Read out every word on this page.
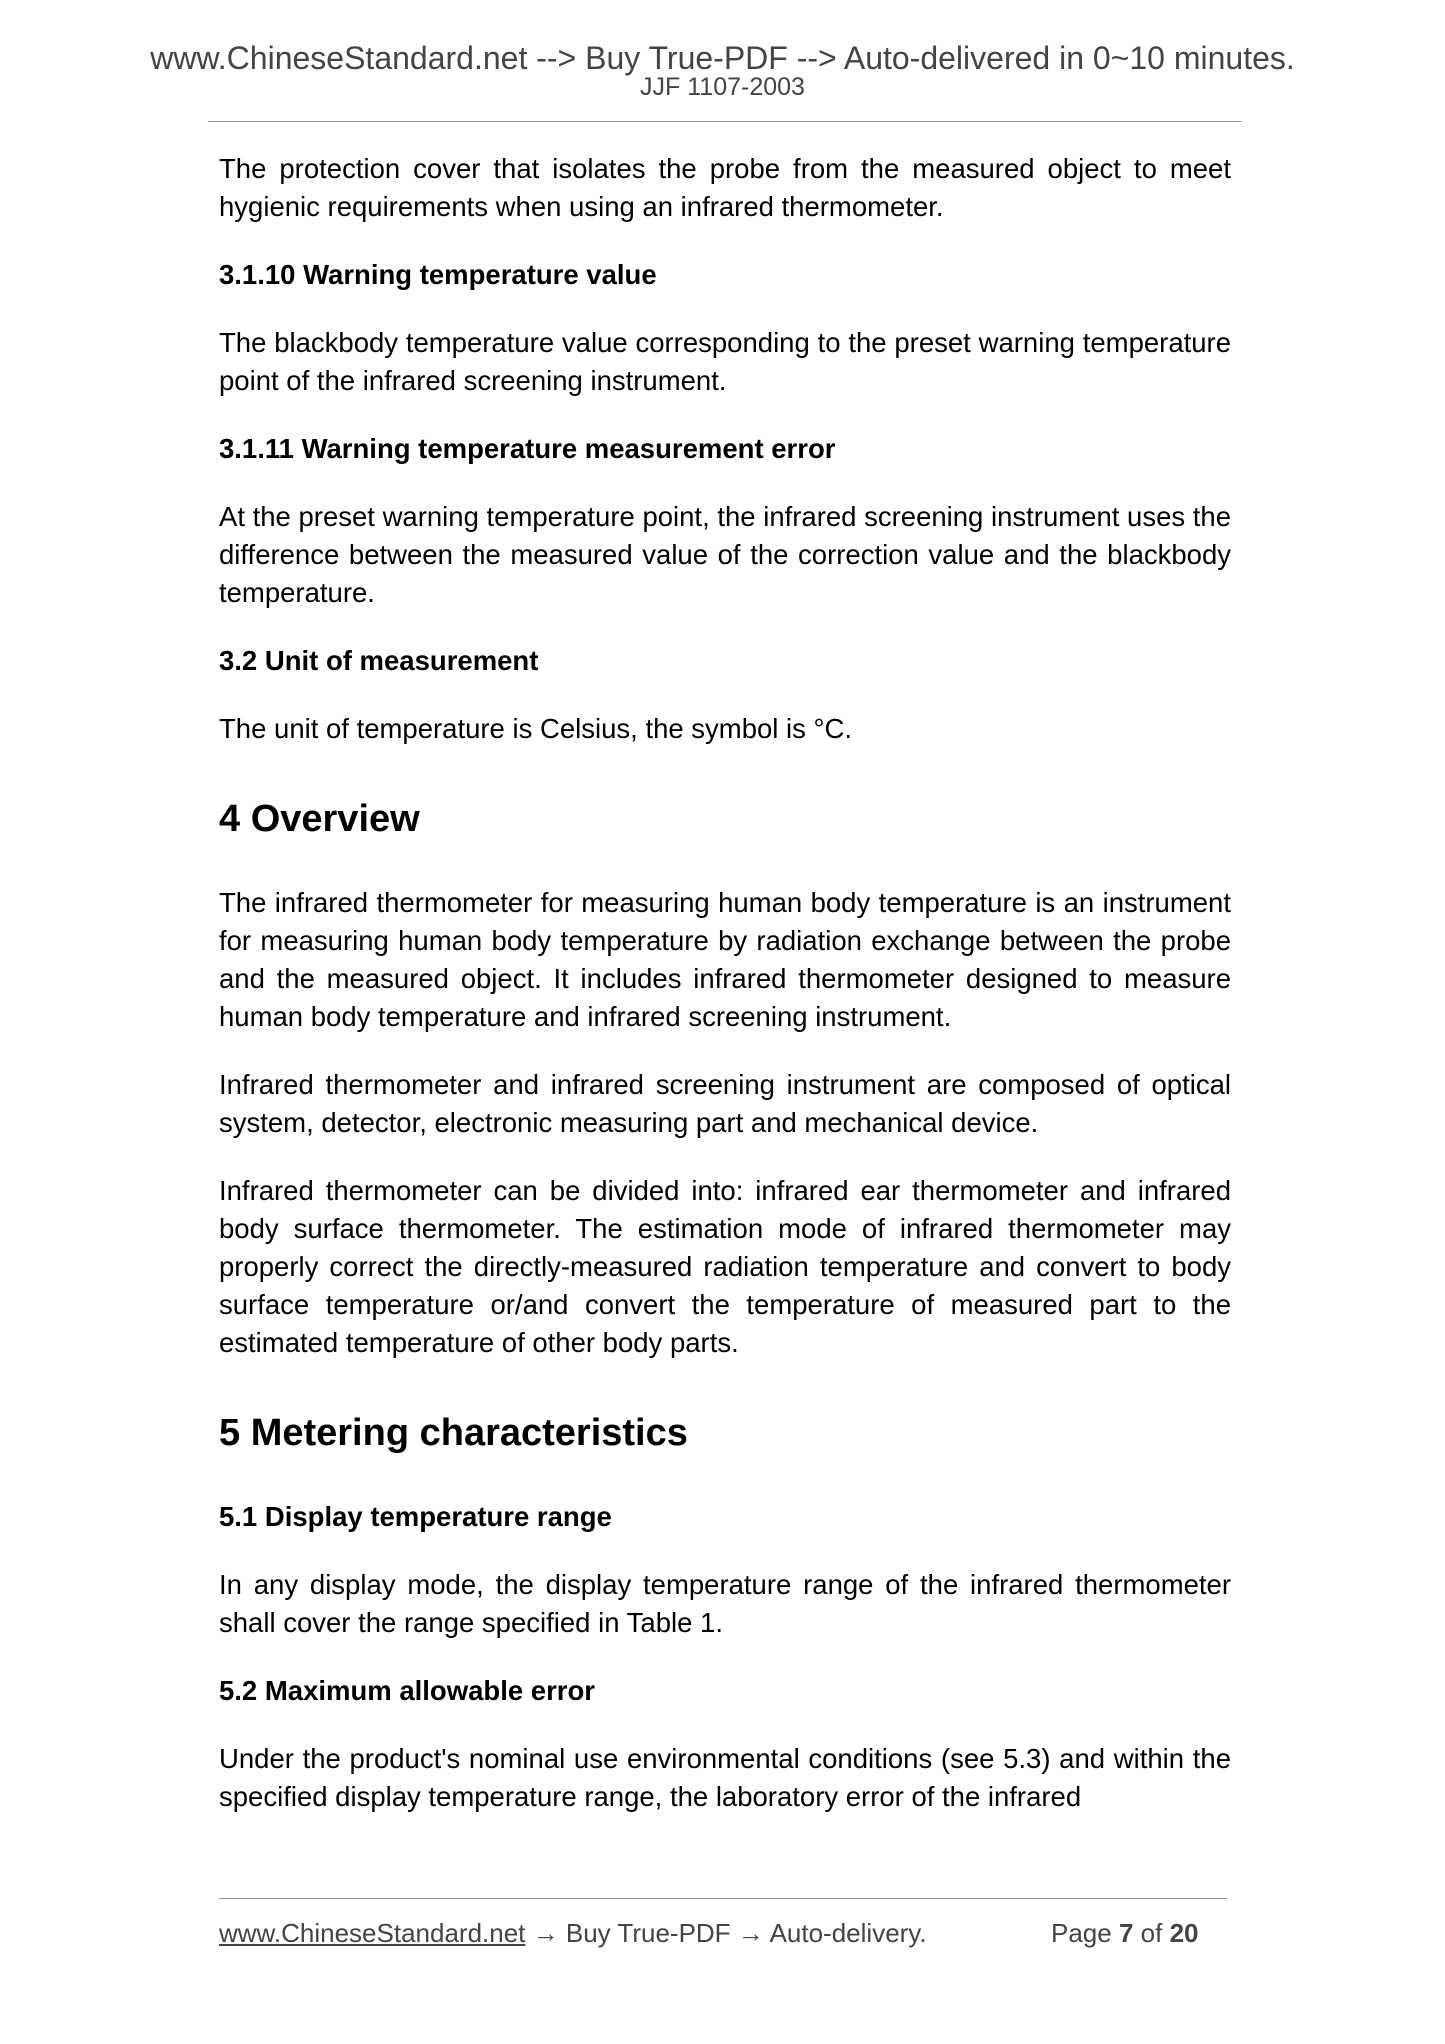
www.ChineseStandard.net --> Buy True-PDF --> Auto-delivered in 0~10 minutes.
JJF 1107-2003

The protection cover that isolates the probe from the measured object to meet hygienic requirements when using an infrared thermometer.

3.1.10 Warning temperature value

The blackbody temperature value corresponding to the preset warning temperature point of the infrared screening instrument.

3.1.11 Warning temperature measurement error

At the preset warning temperature point, the infrared screening instrument uses the difference between the measured value of the correction value and the blackbody temperature.

3.2 Unit of measurement

The unit of temperature is Celsius, the symbol is °C.

4 Overview

The infrared thermometer for measuring human body temperature is an instrument for measuring human body temperature by radiation exchange between the probe and the measured object. It includes infrared thermometer designed to measure human body temperature and infrared screening instrument.

Infrared thermometer and infrared screening instrument are composed of optical system, detector, electronic measuring part and mechanical device.

Infrared thermometer can be divided into: infrared ear thermometer and infrared body surface thermometer. The estimation mode of infrared thermometer may properly correct the directly-measured radiation temperature and convert to body surface temperature or/and convert the temperature of measured part to the estimated temperature of other body parts.

5 Metering characteristics
5.1 Display temperature range

In any display mode, the display temperature range of the infrared thermometer shall cover the range specified in Table 1.

5.2 Maximum allowable error

Under the product's nominal use environmental conditions (see 5.3) and within the specified display temperature range, the laboratory error of the infrared

www.ChineseStandard.net → Buy True-PDF → Auto-delivery.	Page 7 of 20
